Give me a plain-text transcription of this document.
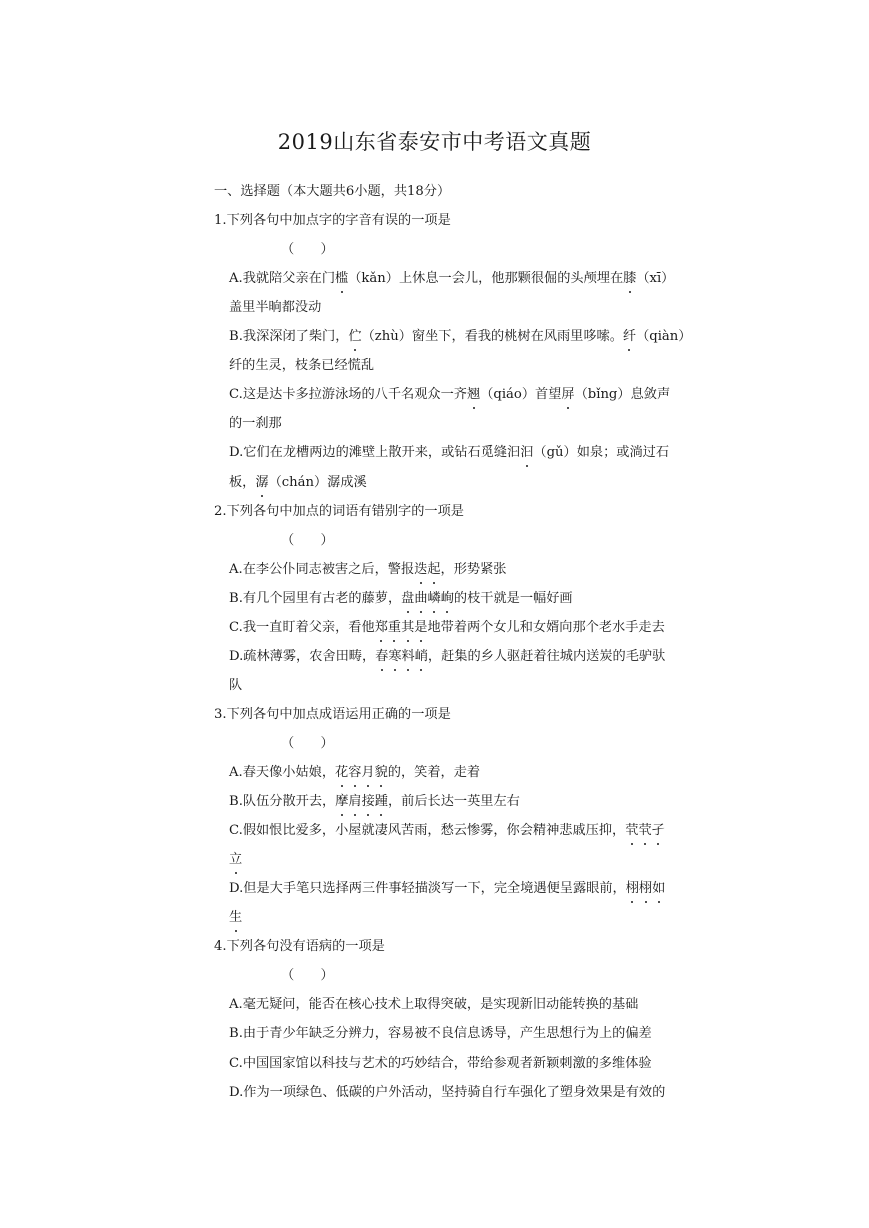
2019山东省泰安市中考语文真题
一、选择题（本大题共6小题，共18分）
1.下列各句中加点字的字音有误的一项是
（　　）
A.我就陪父亲在门槛（kǎn）上休息一会儿，他那颗很倔的头颅埋在膝（xī）
盖里半晌都没动
B.我深深闭了柴门，伫（zhù）窗坐下，看我的桃树在风雨里哆嗦。纤（qiàn）
纤的生灵，枝条已经慌乱
C.这是达卡多拉游泳场的八千名观众一齐翘（qiáo）首望屏（bǐng）息敛声
的一刹那
D.它们在龙槽两边的滩壁上散开来，或钻石觅缝汩汩（gǔ）如泉；或淌过石
板，潺（chán）潺成溪
2.下列各句中加点的词语有错别字的一项是
（　　）
A.在李公仆同志被害之后，警报迭起，形势紧张
B.有几个园里有古老的藤萝，盘曲嶙峋的枝干就是一幅好画
C.我一直盯着父亲，看他郑重其是地带着两个女儿和女婿向那个老水手走去
D.疏林薄雾，农舍田畴，春寒料峭，赶集的乡人驱赶着往城内送炭的毛驴驮
队
3.下列各句中加点成语运用正确的一项是
（　　）
A.春天像小姑娘，花容月貌的，笑着，走着
B.队伍分散开去，摩肩接踵，前后长达一英里左右
C.假如恨比爱多，小屋就凄风苦雨，愁云惨雾，你会精神悲戚压抑，茕茕孑
立
D.但是大手笔只选择两三件事轻描淡写一下，完全境遇便呈露眼前，栩栩如
生
4.下列各句没有语病的一项是
（　　）
A.毫无疑问，能否在核心技术上取得突破，是实现新旧动能转换的基础
B.由于青少年缺乏分辨力，容易被不良信息诱导，产生思想行为上的偏差
C.中国国家馆以科技与艺术的巧妙结合，带给参观者新颖刺激的多维体验
D.作为一项绿色、低碳的户外活动，坚持骑自行车强化了塑身效果是有效的
